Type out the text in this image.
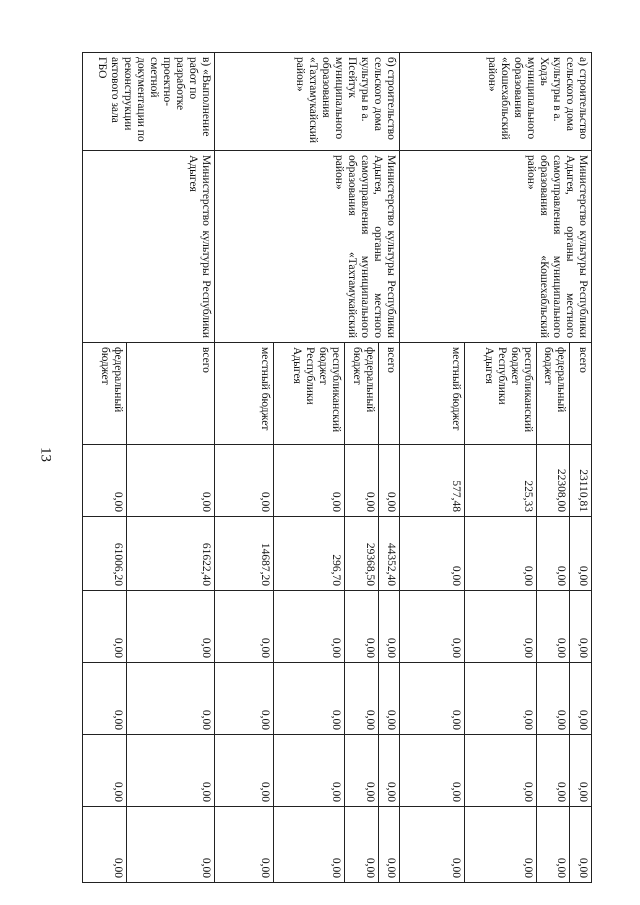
13
а) строительство сельского дома культуры в а. Ходзь муниципального образования «Кошехабльский район»	Министерство культуры Республики Адыгея, органы местного самоуправления муниципального образования «Кошехабльский район»	всего	23110,81	0,00	0,00	0,00	0,00	0,00
		федеральный бюджет	22308,00	0,00	0,00	0,00	0,00	0,00
		республиканский бюджет Республики Адыгея	225,33	0,00	0,00	0,00	0,00	0,00
		местный бюджет	577,48	0,00	0,00	0,00	0,00	0,00
б) строительство сельского дома культуры в а. Псейтук муниципального образования «Тахтамукайский район»	Министерство культуры Республики Адыгея, органы местного самоуправления муниципального образования «Тахтамукайский район»	всего	0,00	44352,40	0,00	0,00	0,00	0,00
		федеральный бюджет	0,00	29368,50	0,00	0,00	0,00	0,00
		республиканский бюджет Республики Адыгея	0,00	296,70	0,00	0,00	0,00	0,00
		местный бюджет	0,00	14687,20	0,00	0,00	0,00	0,00
в) «Выполнение работ по разработке проектно-сметной документации по реконструкции актового зала ГБО	Министерство культуры Республики Адыгея	всего	0,00	61622,40	0,00	0,00	0,00	0,00
		федеральный бюджет	0,00	61006,20	0,00	0,00	0,00	0,00
